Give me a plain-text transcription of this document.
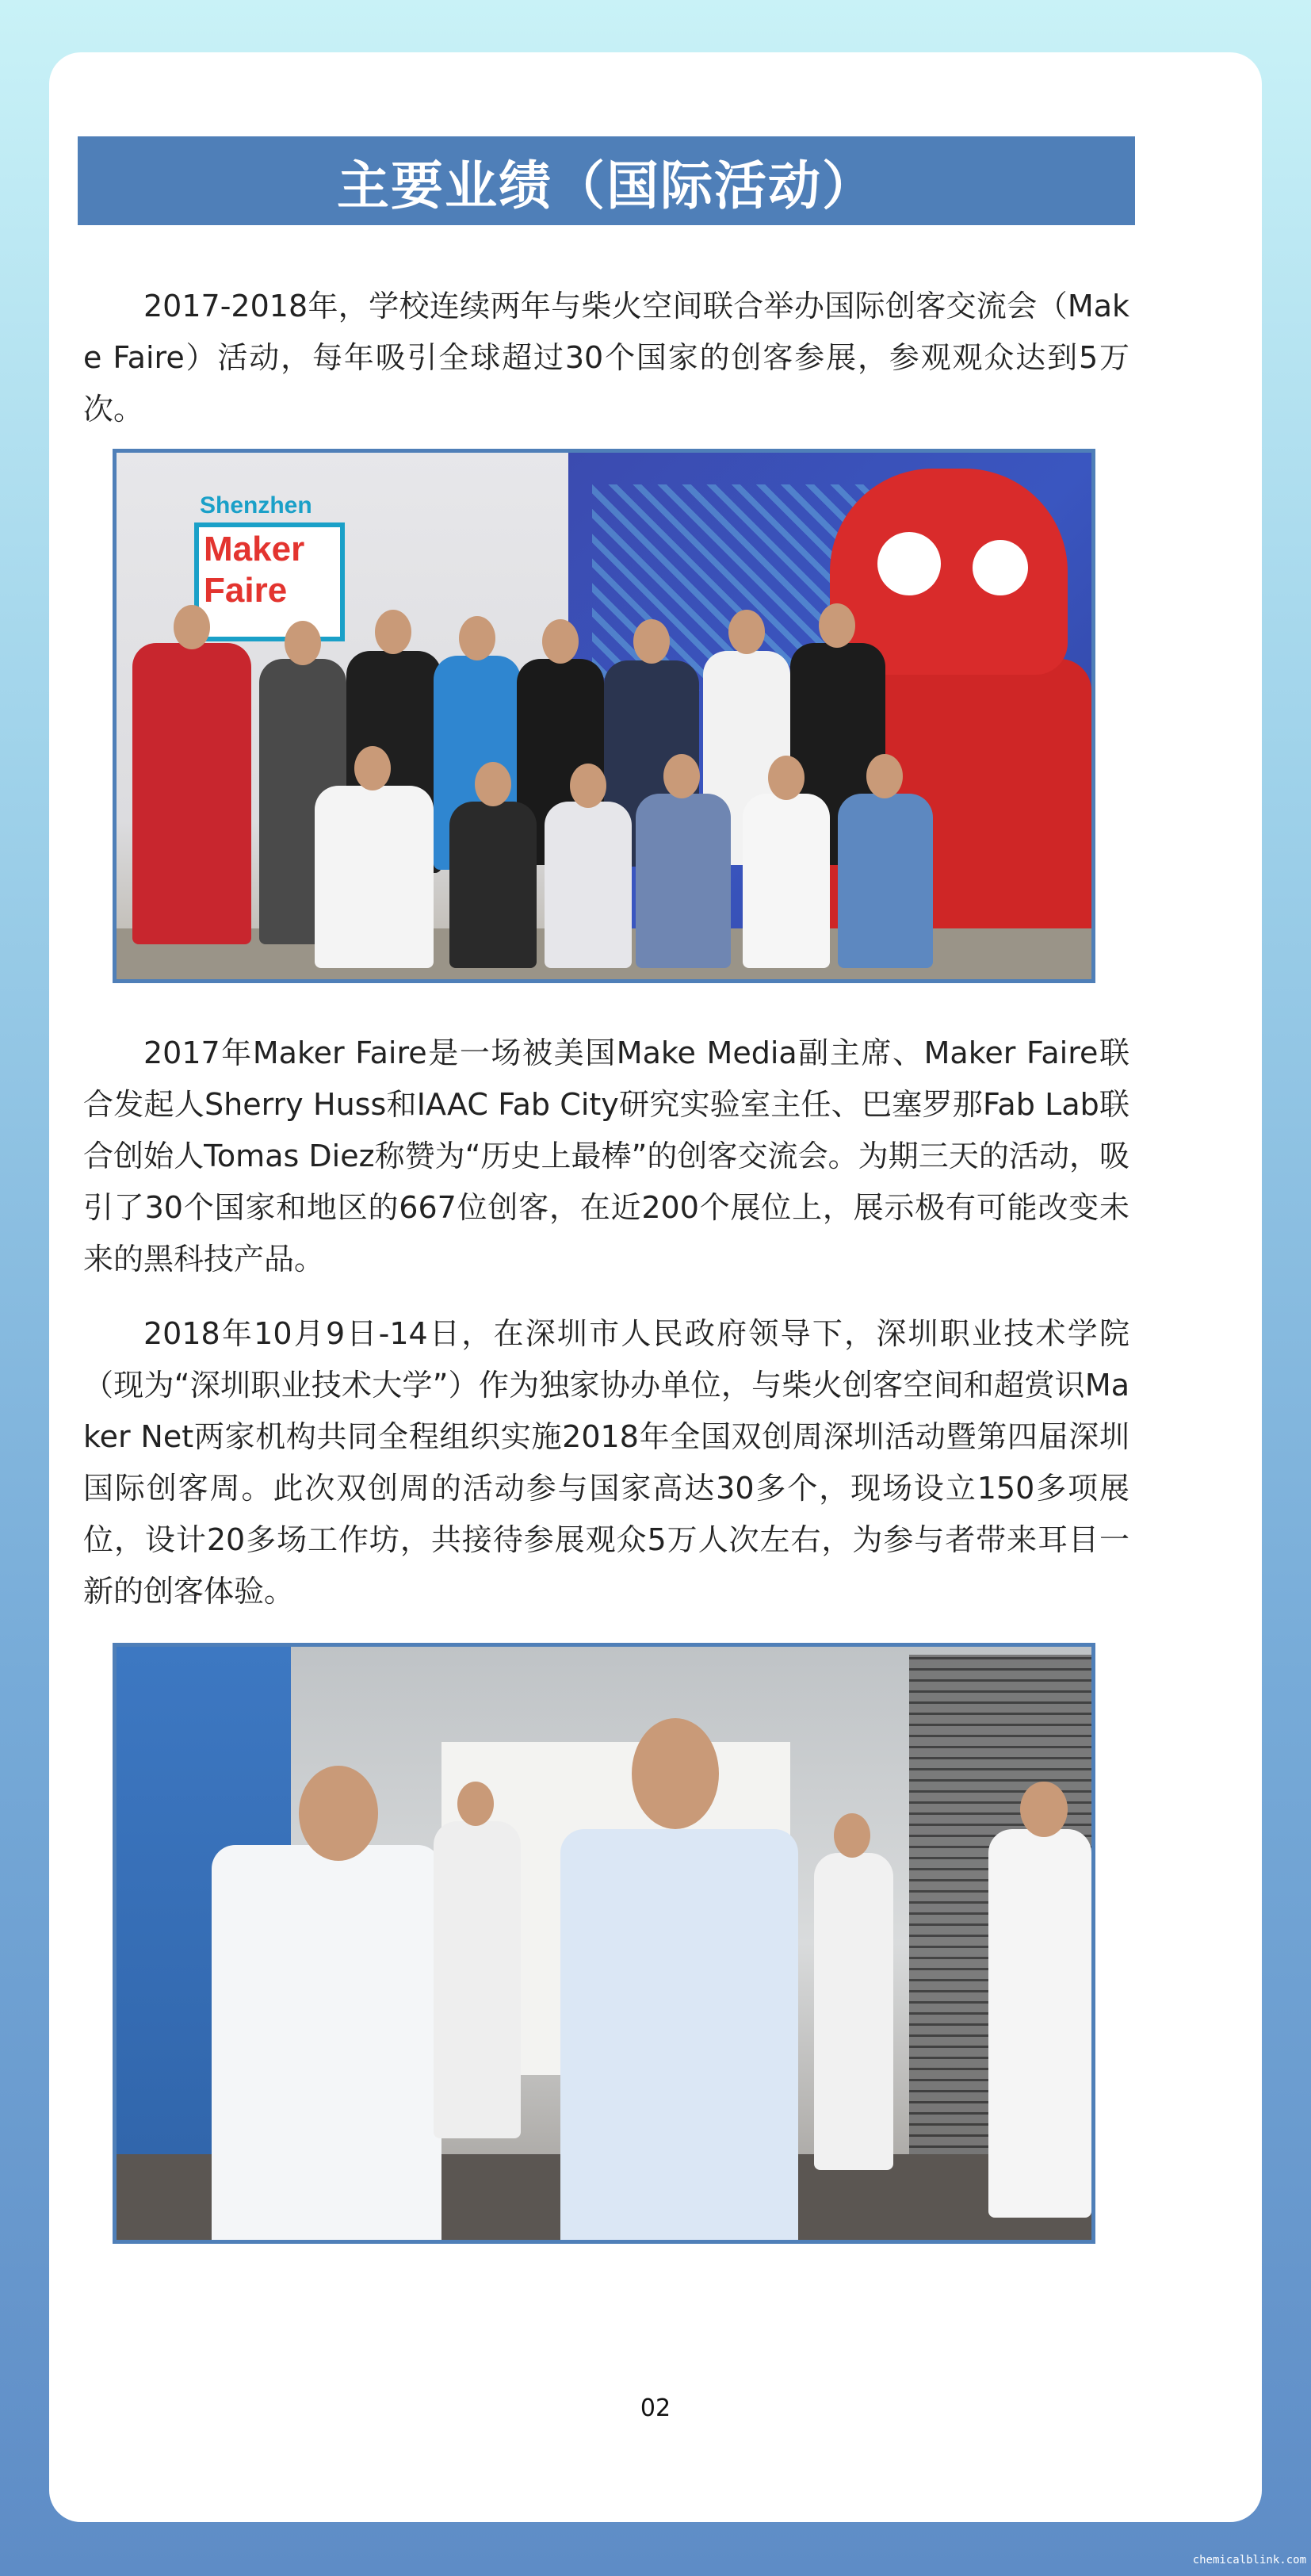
主要业绩（国际活动）

2017-2018年，学校连续两年与柴火空间联合举办国际创客交流会（Make Faire）活动，每年吸引全球超过30个国家的创客参展，参观观众达到5万次。

Shenzhen
Maker
Faire

2017年Maker Faire是一场被美国Make Media副主席、Maker Faire联合发起人Sherry Huss和IAAC Fab City研究实验室主任、巴塞罗那Fab Lab联合创始人Tomas Diez称赞为“历史上最棒”的创客交流会。为期三天的活动，吸引了30个国家和地区的667位创客，在近200个展位上，展示极有可能改变未来的黑科技产品。

2018年10月9日-14日，在深圳市人民政府领导下，深圳职业技术学院（现为“深圳职业技术大学”）作为独家协办单位，与柴火创客空间和超赏识Maker Net两家机构共同全程组织实施2018年全国双创周深圳活动暨第四届深圳国际创客周。此次双创周的活动参与国家高达30多个，现场设立150多项展位，设计20多场工作坊，共接待参展观众5万人次左右，为参与者带来耳目一新的创客体验。

02
chemicalblink.com
